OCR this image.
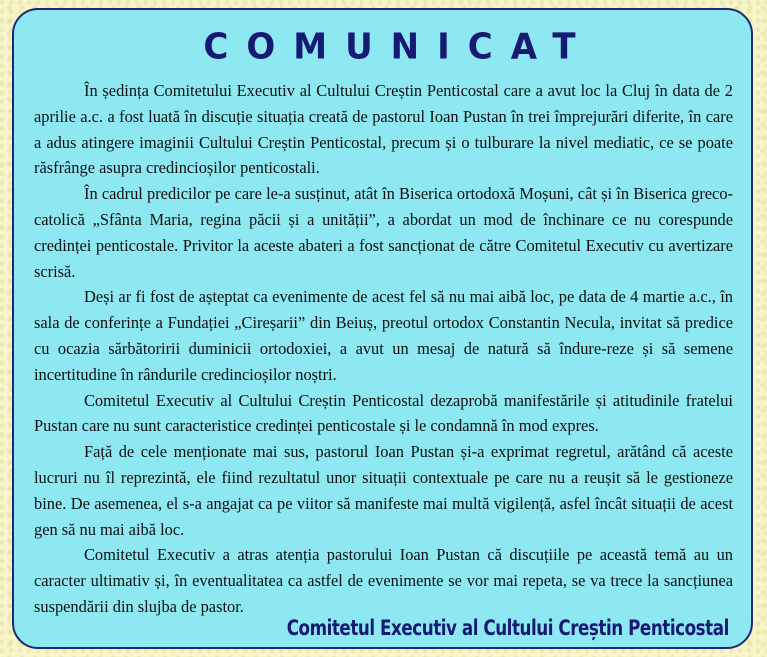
COMUNICAT

În ședința Comitetului Executiv al Cultului Creștin Penticostal care a avut loc la Cluj în data de 2 aprilie a.c. a fost luată în discuție situația creată de pastorul Ioan Pustan în trei împrejurări diferite, în care a adus atingere imaginii Cultului Creștin Penticostal, precum și o tulburare la nivel mediatic, ce se poate răsfrânge asupra credincioșilor penticostali.

În cadrul predicilor pe care le-a susținut, atât în Biserica ortodoxă Moșuni, cât și în Biserica greco-catolică „Sfânta Maria, regina păcii și a unității”, a abordat un mod de închinare ce nu corespunde credinței penticostale. Privitor la aceste abateri a fost sancționat de către Comitetul Executiv cu avertizare scrisă.

Deși ar fi fost de așteptat ca evenimente de acest fel să nu mai aibă loc, pe data de 4 martie a.c., în sala de conferințe a Fundației „Cireșarii” din Beiuș, preotul ortodox Constantin Necula, invitat să predice cu ocazia sărbătoririi duminicii ortodoxiei, a avut un mesaj de natură să îndure-reze și să semene incertitudine în rândurile credincioșilor noștri.

Comitetul Executiv al Cultului Creștin Penticostal dezaprobă manifestările și atitudinile fratelui Pustan care nu sunt caracteristice credinței penticostale și le condamnă în mod expres.

Față de cele menționate mai sus, pastorul Ioan Pustan și-a exprimat regretul, arătând că aceste lucruri nu îl reprezintă, ele fiind rezultatul unor situații contextuale pe care nu a reușit să le gestioneze bine. De asemenea, el s-a angajat ca pe viitor să manifeste mai multă vigilență, asfel încât situații de acest gen să nu mai aibă loc.

Comitetul Executiv a atras atenția pastorului Ioan Pustan că discuțiile pe această temă au un caracter ultimativ și, în eventualitatea ca astfel de evenimente se vor mai repeta, se va trece la sancțiunea suspendării din slujba de pastor.

Comitetul Executiv al Cultului Creștin Penticostal
